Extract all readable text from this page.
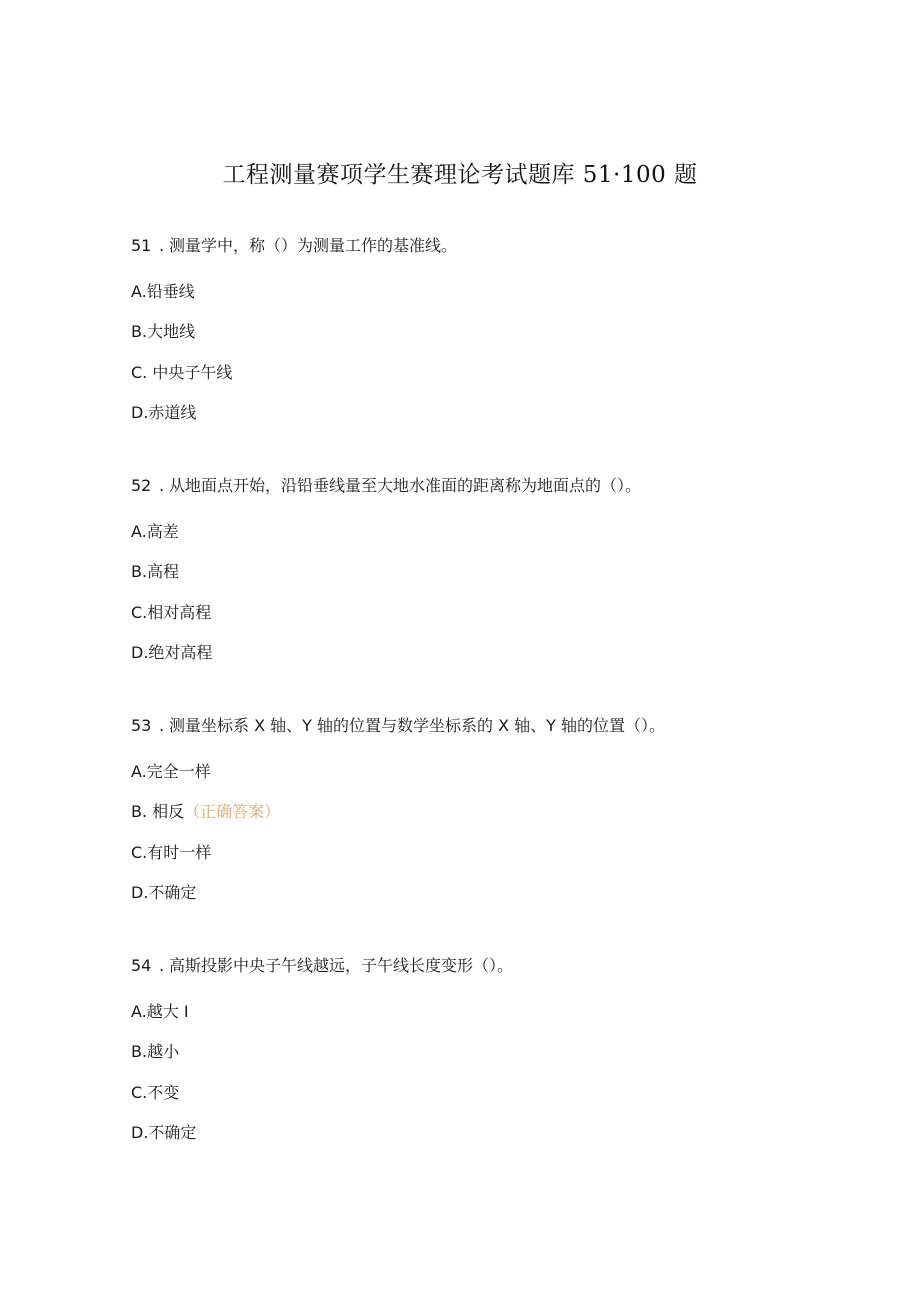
工程测量赛项学生赛理论考试题库 51·100 题
51 . 测量学中，称（）为测量工作的基准线。
A.铅垂线
B.大地线
C. 中央子午线
D.赤道线
52 . 从地面点开始，沿铅垂线量至大地水准面的距离称为地面点的（）。
A.高差
B.高程
C.相对高程
D.绝对高程
53 . 测量坐标系 X 轴、Y 轴的位置与数学坐标系的 X 轴、Y 轴的位置（）。
A.完全一样
B. 相反（正确答案）
C.有时一样
D.不确定
54 . 高斯投影中央子午线越远，子午线长度变形（）。
A.越大 I
B.越小
C.不变
D.不确定
